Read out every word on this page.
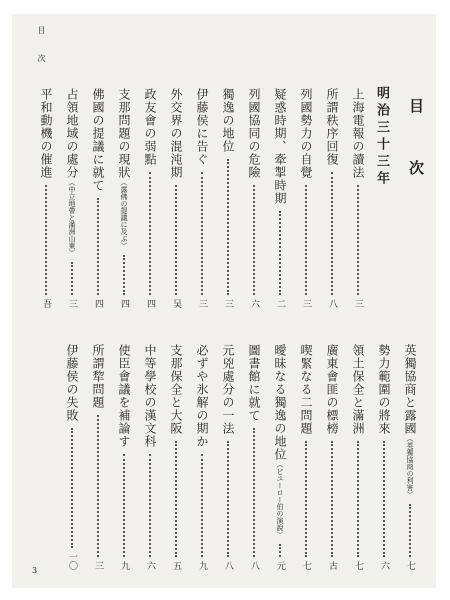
目　次
目　次
明治三十三年
上海電報の讀法
三
所謂秩序回復
八
列國勢力の自覺
三
疑惑時期、牽掣時期
二
列國協同の危險
六
獨逸の地位
三
伊藤侯に告ぐ
三
外交界の混沌期
吴
政友會の弱點
四
支那問題の現狀
（露佛の提議に及ぶ）
四
佛國の提議に就て
四
占領地域の處分
（中立地帶と滿洲山東）
三
平和動機の催進
吾
英獨協商と露國
（英獨協商の利害）
七
勢力範圍の將來
六
領土保全と滿洲
七
廣東會匪の標榜
古
喫緊なる二問題
七
曖昧なる獨逸の地位
（ビユーロー伯の演說）
元
圖書館に就て
八
元兇處分の一法
八
必ずや氷解の期か
九
支那保全と大阪
五
中等學校の漢文科
六
使臣會議を補論す
九
所謂犂問題
三
伊藤侯の失敗
一〇
3
